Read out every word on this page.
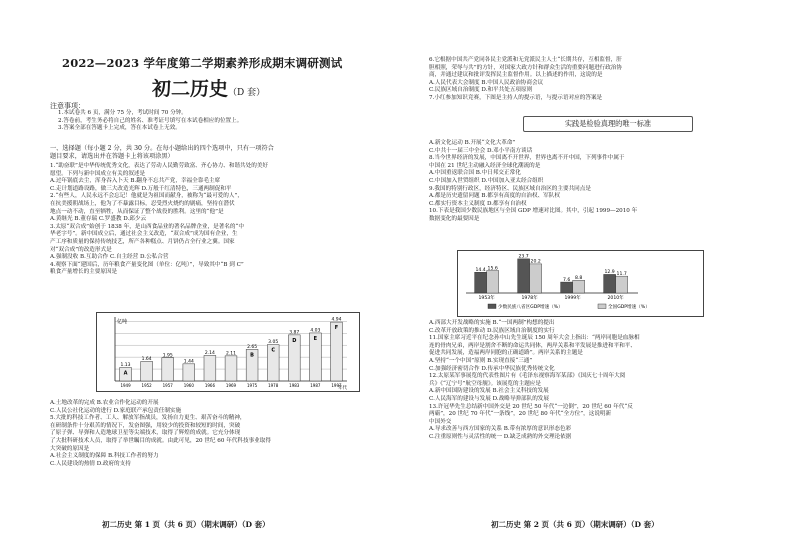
2022—2023 学年度第二学期素养形成期末调研测试
初二历史（D 套）
注意事项：
1.本试卷共 6 页，满分 75 分，考试时间 70 分钟。
2.答卷前，考生务必将自己的姓名、准考证号填写在本试卷相应的位置上。
3.答案全部在答题卡上完成，答在本试卷上无效。
一、选择题（每小题 2 分，共 30 分。在每小题给出的四个选项中，只有一项符合
题目要求，请选出并在答题卡上将该项涂黑）
1.“助奋联”是中华传统优秀文化，表达了劳动人民勤劳致富、齐心协力、和谐共处的美好
愿望。下列与新中国成立有关的叙述是
A.过年锅底去尘，浑身吞入卜天 B.翻身不忘共产党，幸福全靠毛主席
C.走计划道路设路，做三大改造光辉 D.万般千红清特色，三通两制促和平
2.“有些人，人民永远不会忘记！他就是为祖国而献身，被称为“最可爱的人”，
在抗美援朝战场上，他为了不暴露目标，忍受烈火烧灼的剧痛，坚持在潜伏
地点一动不动，直至牺牲，从而保证了整个战役的胜利。这里的“他”是
A.黄继光 B.董存瑞 C.罗盛教 D.邱少云
3.太原“双合成”始创于 1838 年，是山西食品业的著名品牌企业，是著名的“中
华老字号”。新中国成立后，通过社会主义改造，“双合成”成为国有企业，生
产工序和质量的保持传统技艺，所产各种糕点、月饼仍占全行业之翼。国家
对“双合成”的改造形式是
A.强制没收 B.互助合作 C.自主经营 D.公私合营
4.观察下面“建国后，历年粮食产量变化图（单位：亿吨）”，导致其中“B 到 C”
粮食产量增长的主要原因是
亿吨
年代
1.13
A
1949
1.64
1952
1.95
1957
1.44
1960
2.14
1966
2.11
1969
2.65
B
1975
3.05
C
1978
3.87
D
1983
4.03
E
1987
4.94
F
1997
A.土地改革的完成 B.农业合作化运动的开展
C.人民公社化运动的进行 D.家庭联产承包责任制实施
5.大批的科技工作者、工人、解放军指战员，发扬自力更生、艰苦奋斗的精神，
在研制条件十分艰苦的情况下，发奋图强，用较少的投资和较短的时间，突破
了原子弹、导弹和人造地球卫星等尖端技术，取得了辉煌的成就。它充分体现
了大批科研技术人员，取得了举世瞩目的成就。由此可见，20 世纪 60 年代科技事业取得
大突破的原因是
A.社会主义制度的保障 B.科技工作者的努力
C.人民建设的热情 D.政府的支持
初二历史 第 1 页（共 6 页）（期末调研）（D 套）
6.它根据中国共产党同各民主党派和无党派民主人士“长期共存，互相监督，肝
胆相照，荣辱与共”的方针，对国家大政方针和群众生活的重要问题进行政治协
商，并通过建议和批评发挥民主监督作用。以上描述的作用，这说的是
A.人民代表大会制度 B.中国人民政治协商会议
C.民族区域自治制度 D.和平共处五项原则
7.小红参加知识竞赛，下图是主持人的提示语，与提示语对应的答案是
实践是检验真理的唯一标准
A.新文化运动 B.开展“文化大革命”
C.中共十一届三中全会 D.邓小平南方谈话
8.当今世界经济的发展，中国离不开世界，世界也离不开中国，下列事件中属于
中国在 21 世纪主动融入经济全球化潮流的是
A.中国重返联合国 B.中日邦交正常化
C.中国加入世贸组织 D.中国加入亚太经合组织
9.我国的特别行政区，经济特区、民族区域自治区的主要共同点是
A.都是历史遗留问题 B.都享有高度的自治权、军队权
C.都实行资本主义制度 D.都享有自治权
10.下表是我国少数民族地区与全国 GDP 增速对比图。其中，引起 1999—2010 年
数据变化的最要因是
14.4 15.6
1953年
23.7
20.2
1978年
7.6 8.8
1999年
12.9 11.7
2010年
少数民族八省区GDP增速（%）	全国GDP增速（%）
A.西部大开发战略的实施 B.“一国两制”构想的提出
C.改革开放政策的推动 D.民族区域自治制度的实行
11.国家主席习近平在纪念孙中山先生诞辰 150 周年大会上指出：“两岸同胞是血脉相
连的骨肉兄弟，两岸是割舍不断的命运共同体，两岸关系和平发展是推进和平和平、
促进共同发展，造福两岸同胞的正确道路”。两岸关系的主题是
A.坚持“一个中国”原则 B.实现直接“三通”
C.加强经济密切合作 D.传承中华民族优秀传统文化
12.太原某军事展览的代表性图片有《毛泽东视察海军某部》《国庆七十周年大阅
兵》《“辽宁号”航空母舰》。该展览的主题应是
A.新中国国防建设的发展 B.社会主义科技的发展
C.人民海军的建设与发展 D.战略导弹部队的发展
13.许冠华先生总结新中国外交是 20 世纪 50 年代“一边倒”，20 世纪 60 年代“反
两霸”，20 世纪 70 年代“一条线”，20 世纪 80 年代“全方位”，这说明新
中国外交
A.导求改善与西方国家的关系 B.带有浓厚的意识形态色彩
C.注重原则性与灵活性的统一 D.缺乏成熟的外交理论依据
初二历史 第 2 页（共 6 页）（期末调研）（D 套）
